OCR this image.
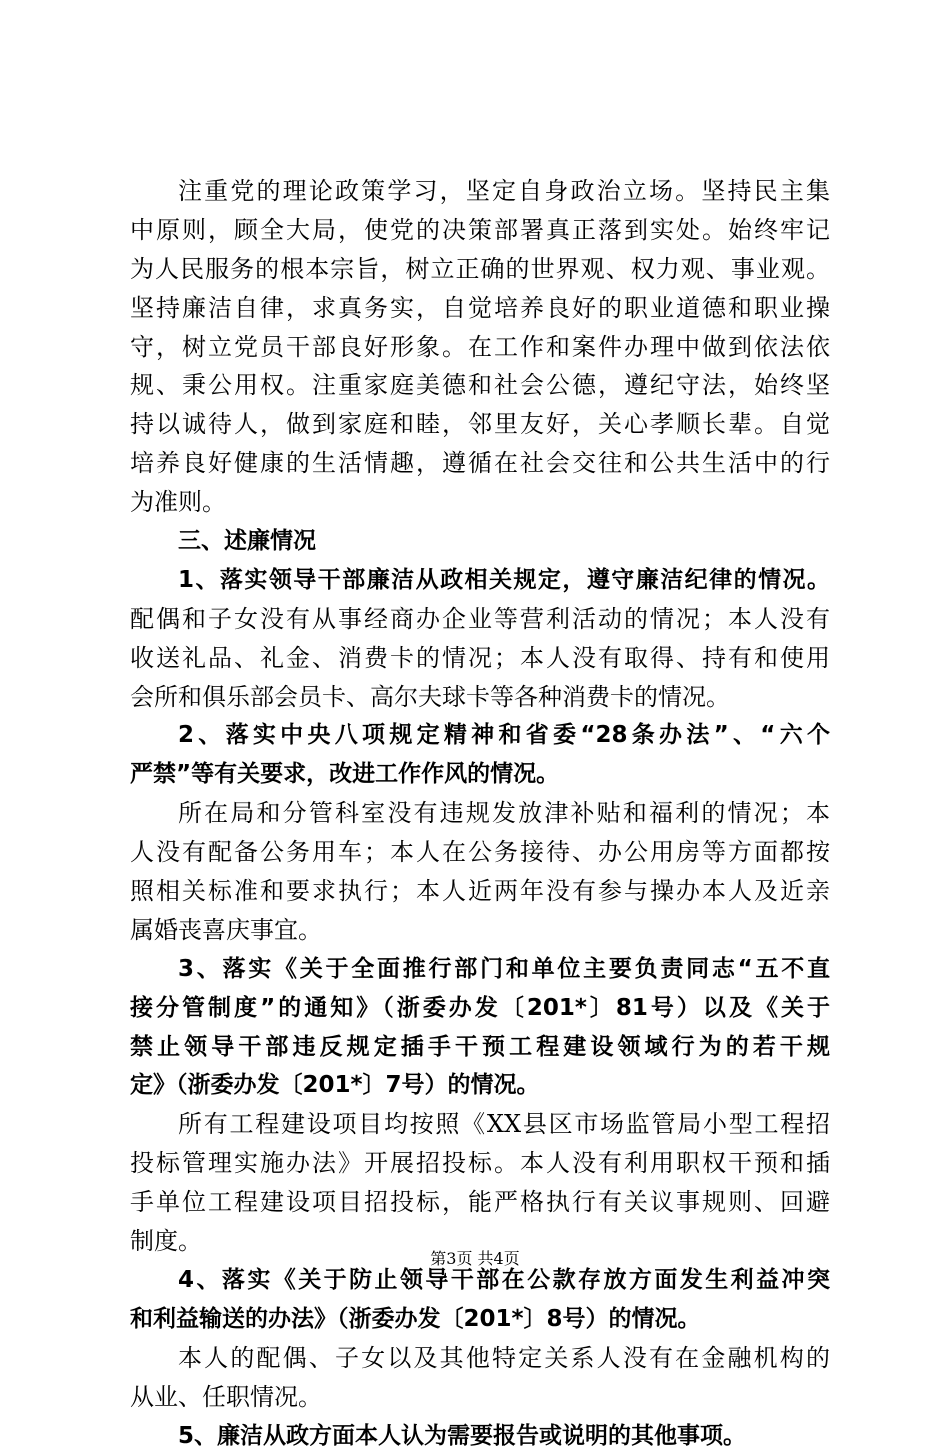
注重党的理论政策学习，坚定自身政治立场。坚持民主集
中原则，顾全大局，使党的决策部署真正落到实处。始终牢记
为人民服务的根本宗旨，树立正确的世界观、权力观、事业观。
坚持廉洁自律，求真务实，自觉培养良好的职业道德和职业操
守，树立党员干部良好形象。在工作和案件办理中做到依法依
规、秉公用权。注重家庭美德和社会公德，遵纪守法，始终坚
持以诚待人，做到家庭和睦，邻里友好，关心孝顺长辈。自觉
培养良好健康的生活情趣，遵循在社会交往和公共生活中的行
为准则。
三、述廉情况
1、落实领导干部廉洁从政相关规定，遵守廉洁纪律的情况。
配偶和子女没有从事经商办企业等营利活动的情况；本人没有
收送礼品、礼金、消费卡的情况；本人没有取得、持有和使用
会所和俱乐部会员卡、高尔夫球卡等各种消费卡的情况。
2、落实中央八项规定精神和省委“28条办法”、“六个
严禁”等有关要求，改进工作作风的情况。
所在局和分管科室没有违规发放津补贴和福利的情况；本
人没有配备公务用车；本人在公务接待、办公用房等方面都按
照相关标准和要求执行；本人近两年没有参与操办本人及近亲
属婚丧喜庆事宜。
3、落实《关于全面推行部门和单位主要负责同志“五不直
接分管制度”的通知》（浙委办发〔201*〕81号）以及《关于
禁止领导干部违反规定插手干预工程建设领域行为的若干规
定》（浙委办发〔201*〕7号）的情况。
所有工程建设项目均按照《XX县区市场监管局小型工程招
投标管理实施办法》开展招投标。本人没有利用职权干预和插
手单位工程建设项目招投标，能严格执行有关议事规则、回避
制度。
4、落实《关于防止领导干部在公款存放方面发生利益冲突
和利益输送的办法》（浙委办发〔201*〕8号）的情况。
本人的配偶、子女以及其他特定关系人没有在金融机构的
从业、任职情况。
5、廉洁从政方面本人认为需要报告或说明的其他事项。
第3页 共4页
